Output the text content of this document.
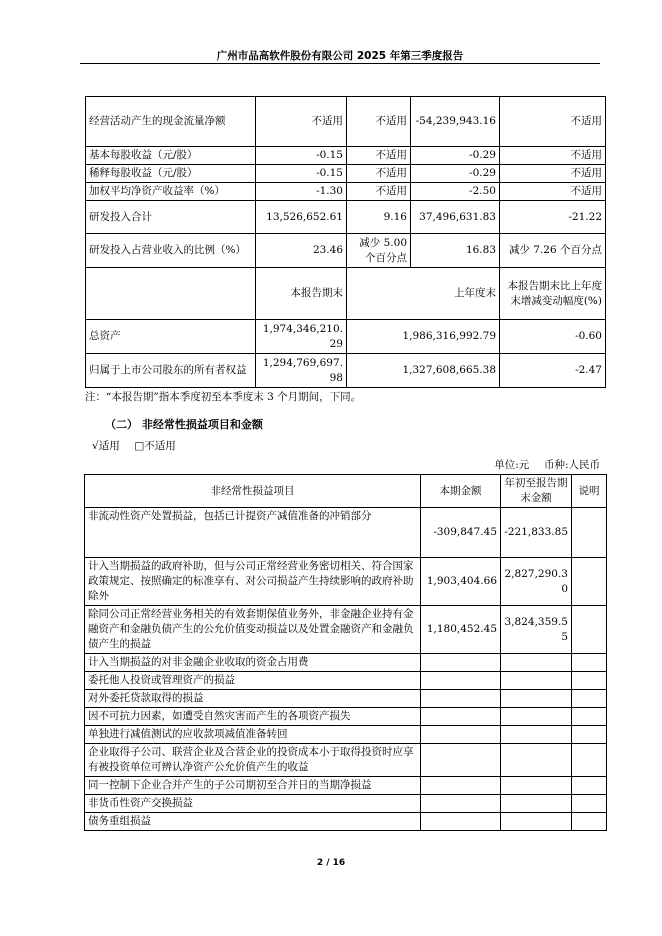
广州市品高软件股份有限公司 2025 年第三季度报告
经营活动产生的现金流量净额	不适用	不适用	-54,239,943.16	不适用
基本每股收益（元/股）	-0.15	不适用	-0.29	不适用
稀释每股收益（元/股）	-0.15	不适用	-0.29	不适用
加权平均净资产收益率（%）	-1.30	不适用	-2.50	不适用
研发投入合计	13,526,652.61	9.16	37,496,631.83	-21.22
研发投入占营业收入的比例（%）	23.46	减少 5.00 个百分点	16.83	减少 7.26 个百分点
	本报告期末	上年度末		本报告期末比上年度末增减变动幅度(%)
总资产	1,974,346,210.29	1,986,316,992.79		-0.60
归属于上市公司股东的所有者权益	1,294,769,697.98	1,327,608,665.38		-2.47
注：“本报告期”指本季度初至本季度末 3 个月期间，下同。
（二） 非经常性损益项目和金额
√适用 □不适用
单位:元 币种:人民币
非经常性损益项目	本期金额	年初至报告期末金额	说明
非流动性资产处置损益，包括已计提资产减值准备的冲销部分	-309,847.45	-221,833.85	
计入当期损益的政府补助，但与公司正常经营业务密切相关、符合国家政策规定、按照确定的标准享有、对公司损益产生持续影响的政府补助除外	1,903,404.66	2,827,290.30	
除同公司正常经营业务相关的有效套期保值业务外，非金融企业持有金融资产和金融负债产生的公允价值变动损益以及处置金融资产和金融负债产生的损益	1,180,452.45	3,824,359.55	
计入当期损益的对非金融企业收取的资金占用费			
委托他人投资或管理资产的损益			
对外委托贷款取得的损益			
因不可抗力因素，如遭受自然灾害而产生的各项资产损失			
单独进行减值测试的应收款项减值准备转回			
企业取得子公司、联营企业及合营企业的投资成本小于取得投资时应享有被投资单位可辨认净资产公允价值产生的收益			
同一控制下企业合并产生的子公司期初至合并日的当期净损益			
非货币性资产交换损益			
债务重组损益			
2 / 16
